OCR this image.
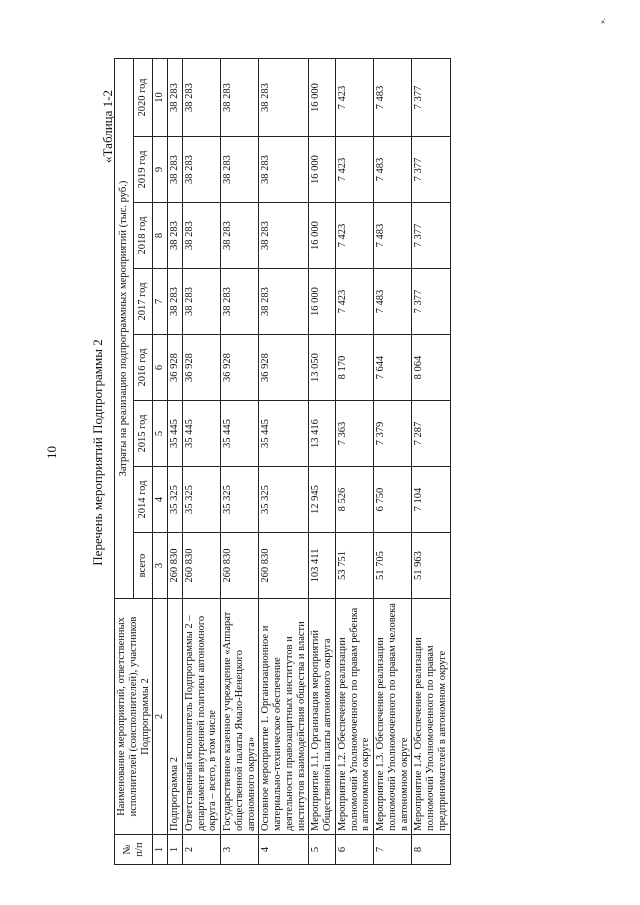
10 Перечень мероприятий Подпрограммы 2
«Таблица 1-2
№
п/п	Наименование мероприятий, ответственных исполнителей (соисполнителей), участников Подпрограммы 2	Затраты на реализацию подпрограммных мероприятий (тыс. руб.)							
		всего	2014 год	2015 год	2016 год	2017 год	2018 год	2019 год	2020 год
1	2	3	4	5	6	7	8	9	10
1	Подпрограмма 2	260 830	35 325	35 445	36 928	38 283	38 283	38 283	38 283
2	Ответственный исполнитель Подпрограммы 2 – департамент внутренней политики автономного округа – всего, в том числе	260 830	35 325	35 445	36 928	38 283	38 283	38 283	38 283
3	Государственное казенное учреждение «Аппарат общественной палаты Ямало-Ненецкого автономного округа»	260 830	35 325	35 445	36 928	38 283	38 283	38 283	38 283
4	Основное мероприятие 1. Организационное и материально-техническое обеспечение деятельности правозащитных институтов и институтов взаимодействия общества и власти	260 830	35 325	35 445	36 928	38 283	38 283	38 283	38 283
5	Мероприятие 1.1. Организация мероприятий Общественной палаты автономного округа	103 411	12 945	13 416	13 050	16 000	16 000	16 000	16 000
6	Мероприятие 1.2. Обеспечение реализации полномочий Уполномоченного по правам ребенка в автономном округе	53 751	8 526	7 363	8 170	7 423	7 423	7 423	7 423
7	Мероприятие 1.3. Обеспечение реализации полномочий Уполномоченного по правам человека в автономном округе	51 705	6 750	7 379	7 644	7 483	7 483	7 483	7 483
8	Мероприятие 1.4. Обеспечение реализации полномочий Уполномоченного по правам предпринимателей в автономном округе	51 963	7 104	7 287	8 064	7 377	7 377	7 377	7 377
».
